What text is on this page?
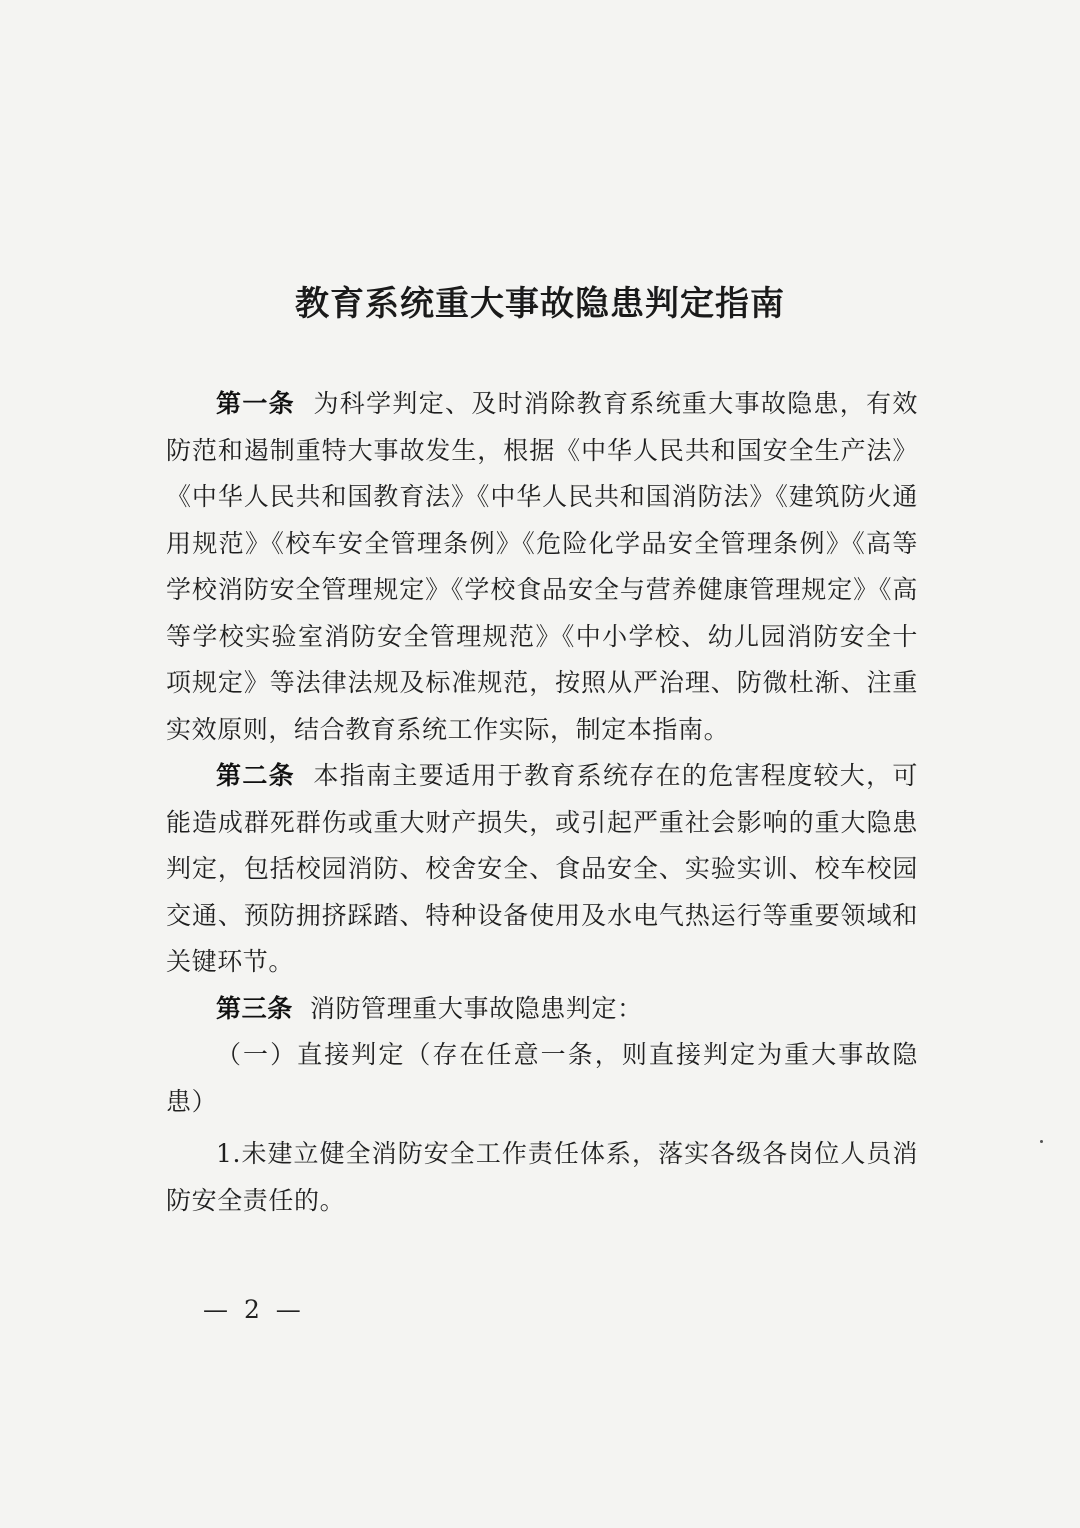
教育系统重大事故隐患判定指南

第一条 为科学判定、及时消除教育系统重大事故隐患，有效防范和遏制重特大事故发生，根据《中华人民共和国安全生产法》《中华人民共和国教育法》《中华人民共和国消防法》《建筑防火通用规范》《校车安全管理条例》《危险化学品安全管理条例》《高等学校消防安全管理规定》《学校食品安全与营养健康管理规定》《高等学校实验室消防安全管理规范》《中小学校、幼儿园消防安全十项规定》等法律法规及标准规范，按照从严治理、防微杜渐、注重实效原则，结合教育系统工作实际，制定本指南。

第二条 本指南主要适用于教育系统存在的危害程度较大，可能造成群死群伤或重大财产损失，或引起严重社会影响的重大隐患判定，包括校园消防、校舍安全、食品安全、实验实训、校车校园交通、预防拥挤踩踏、特种设备使用及水电气热运行等重要领域和关键环节。

第三条 消防管理重大事故隐患判定：

（一）直接判定（存在任意一条，则直接判定为重大事故隐患）

1.未建立健全消防安全工作责任体系，落实各级各岗位人员消防安全责任的。

— 2 —
